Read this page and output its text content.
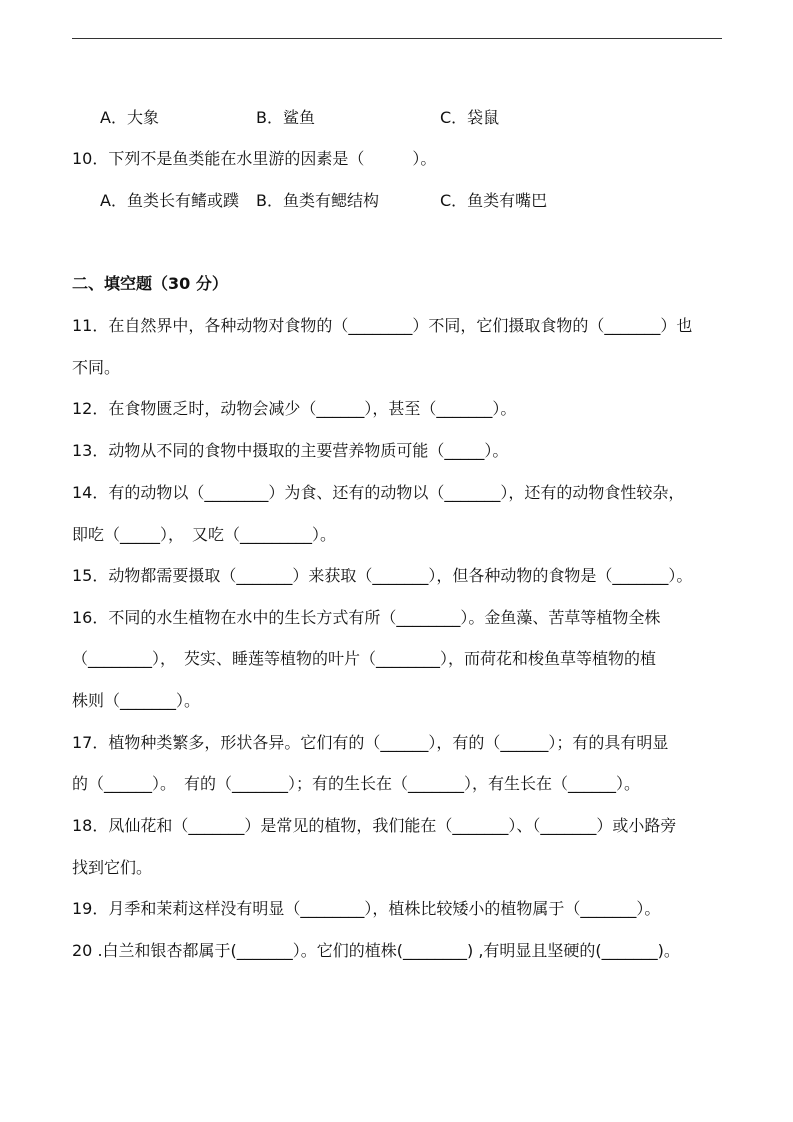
A．大象	B．鲨鱼	C．袋鼠
10．下列不是鱼类能在水里游的因素是（　　　）。
A．鱼类长有鳍或蹼 B．鱼类有鳃结构	C．鱼类有嘴巴
二、填空题（30 分）
11．在自然界中，各种动物对食物的（________）不同，它们摄取食物的（_______）也
不同。
12．在食物匮乏时，动物会减少（______），甚至（_______）。
13．动物从不同的食物中摄取的主要营养物质可能（_____）。
14．有的动物以（________）为食、还有的动物以（_______），还有的动物食性较杂，
即吃（_____），　又吃（_________）。
15．动物都需要摄取（_______）来获取（_______），但各种动物的食物是（_______）。
16．不同的水生植物在水中的生长方式有所（________）。金鱼藻、苦草等植物全株
（________），　芡实、睡莲等植物的叶片（________），而荷花和梭鱼草等植物的植
株则（_______）。
17．植物种类繁多，形状各异。它们有的（______），有的（______）；有的具有明显
的（______）。　有的（_______）；有的生长在（_______），有生长在（______）。
18．凤仙花和（_______）是常见的植物，我们能在（_______）、（_______）或小路旁
找到它们。
19．月季和茉莉这样没有明显（________），植株比较矮小的植物属于（_______）。
20 .白兰和银杏都属于(_______）。它们的植株(________) ,有明显且坚硬的(_______)。
